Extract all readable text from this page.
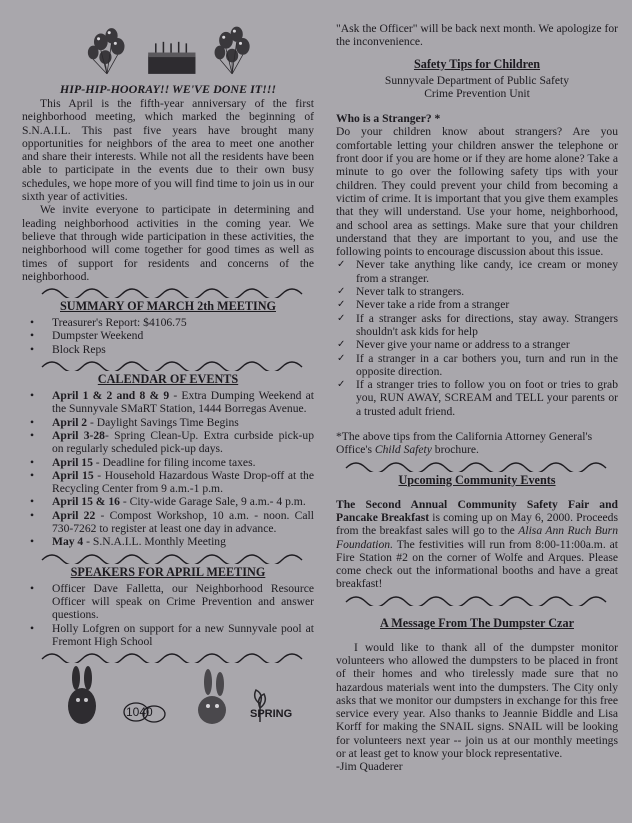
HIP-HIP-HOORAY!! WE'VE DONE IT!!!

This April is the fifth-year anniversary of the first neighborhood meeting, which marked the beginning of S.N.A.I.L. This past five years have brought many opportunities for neighbors of the area to meet one another and share their interests. While not all the residents have been able to participate in the events due to their own busy schedules, we hope more of you will find time to join us in our sixth year of activities.

We invite everyone to participate in determining and leading neighborhood activities in the coming year. We believe that through wide participation in these activities, the neighborhood will come together for good times as well as times of support for residents and concerns of the neighborhood.

SUMMARY OF MARCH 2th MEETING

• Treasurer's Report: $4106.75
• Dumpster Weekend
• Block Reps

CALENDAR OF EVENTS

• April 1 & 2 and 8 & 9 - Extra Dumping Weekend at the Sunnyvale SMaRT Station, 1444 Borregas Avenue.
• April 2 - Daylight Savings Time Begins
• April 3-28- Spring Clean-Up. Extra curbside pick-up on regularly scheduled pick-up days.
• April 15 - Deadline for filing income taxes.
• April 15 - Household Hazardous Waste Drop-off at the Recycling Center from 9 a.m.-1 p.m.
• April 15 & 16 - City-wide Garage Sale, 9 a.m.- 4 p.m.
• April 22 - Compost Workshop, 10 a.m. - noon. Call 730-7262 to register at least one day in advance.
• May 4 - S.N.A.I.L. Monthly Meeting

SPEAKERS FOR APRIL MEETING

• Officer Dave Falletta, our Neighborhood Resource Officer will speak on Crime Prevention and answer questions.
• Holly Lofgren on support for a new Sunnyvale pool at Fremont High School
1040	SPRING

"Ask the Officer" will be back next month. We apologize for the inconvenience.

Safety Tips for Children

Sunnyvale Department of Public Safety

Crime Prevention Unit

Who is a Stranger? *

Do your children know about strangers? Are you comfortable letting your children answer the telephone or front door if you are home or if they are home alone? Take a minute to go over the following safety tips with your children. They could prevent your child from becoming a victim of crime. It is important that you give them examples that they will understand. Use your home, neighborhood, and school area as settings. Make sure that your children understand that they are important to you, and use the following points to encourage discussion about this issue.

✓ Never take anything like candy, ice cream or money from a stranger.
✓ Never talk to strangers.
✓ Never take a ride from a stranger
✓ If a stranger asks for directions, stay away. Strangers shouldn't ask kids for help
✓ Never give your name or address to a stranger
✓ If a stranger in a car bothers you, turn and run in the opposite direction.
✓ If a stranger tries to follow you on foot or tries to grab you, RUN AWAY, SCREAM and TELL your parents or a trusted adult friend.

*The above tips from the California Attorney General's Office's Child Safety brochure.

Upcoming Community Events

The Second Annual Community Safety Fair and Pancake Breakfast is coming up on May 6, 2000. Proceeds from the breakfast sales will go to the Alisa Ann Ruch Burn Foundation. The festivities will run from 8:00-11:00a.m. at Fire Station #2 on the corner of Wolfe and Arques. Please come check out the informational booths and have a great breakfast!

A Message From The Dumpster Czar

I would like to thank all of the dumpster monitor volunteers who allowed the dumpsters to be placed in front of their homes and who tirelessly made sure that no hazardous materials went into the dumpsters. The City only asks that we monitor our dumpsters in exchange for this free service every year. Also thanks to Jeannie Biddle and Lisa Korff for making the SNAIL signs. SNAIL will be looking for volunteers next year -- join us at our monthly meetings or at least get to know your block representative.

-Jim Quaderer
